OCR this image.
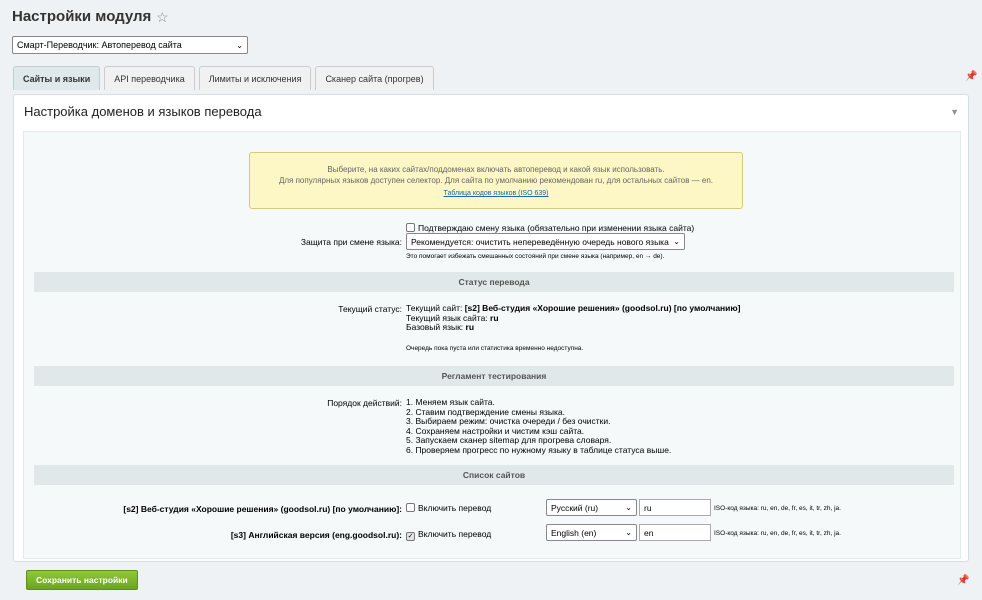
Настройки модуля ☆
Смарт-Переводчик: Автоперевод сайта	⌄
Сайты и языки	API переводчика	Лимиты и исключения	Сканер сайта (прогрев)	📌
Настройка доменов и языков перевода	▼
Выберите, на каких сайтах/поддоменах включать автоперевод и какой язык использовать.
Для популярных языков доступен селектор. Для сайта по умолчанию рекомендован ru, для остальных сайтов — en.
Таблица кодов языков (ISO 639)
Подтверждаю смену языка (обязательно при изменении языка сайта)
Защита при смене языка: Рекомендуется: очистить непереведённую очередь нового языка ⌄
Это помогает избежать смешанных состояний при смене языка (например, en → de).
Статус перевода
Текущий статус: Текущий сайт: [s2] Веб-студия «Хорошие решения» (goodsol.ru) [по умолчанию]
Текущий язык сайта: ru
Базовый язык: ru
Очередь пока пуста или статистика временно недоступна.
Регламент тестирования
Порядок действий: 1. Меняем язык сайта.
2. Ставим подтверждение смены языка.
3. Выбираем режим: очистка очереди / без очистки.
4. Сохраняем настройки и чистим кэш сайта.
5. Запускаем сканер sitemap для прогрева словаря.
6. Проверяем прогресс по нужному языку в таблице статуса выше.
Список сайтов
[s2] Веб-студия «Хорошие решения» (goodsol.ru) [по умолчанию]:	Включить перевод	Русский (ru)	⌄	ru	ISO-код языка: ru, en, de, fr, es, it, tr, zh, ja.
[s3] Английская версия (eng.goodsol.ru): ✓ Включить перевод	English (en)	⌄	en	ISO-код языка: ru, en, de, fr, es, it, tr, zh, ja.
Сохранить настройки	📌
